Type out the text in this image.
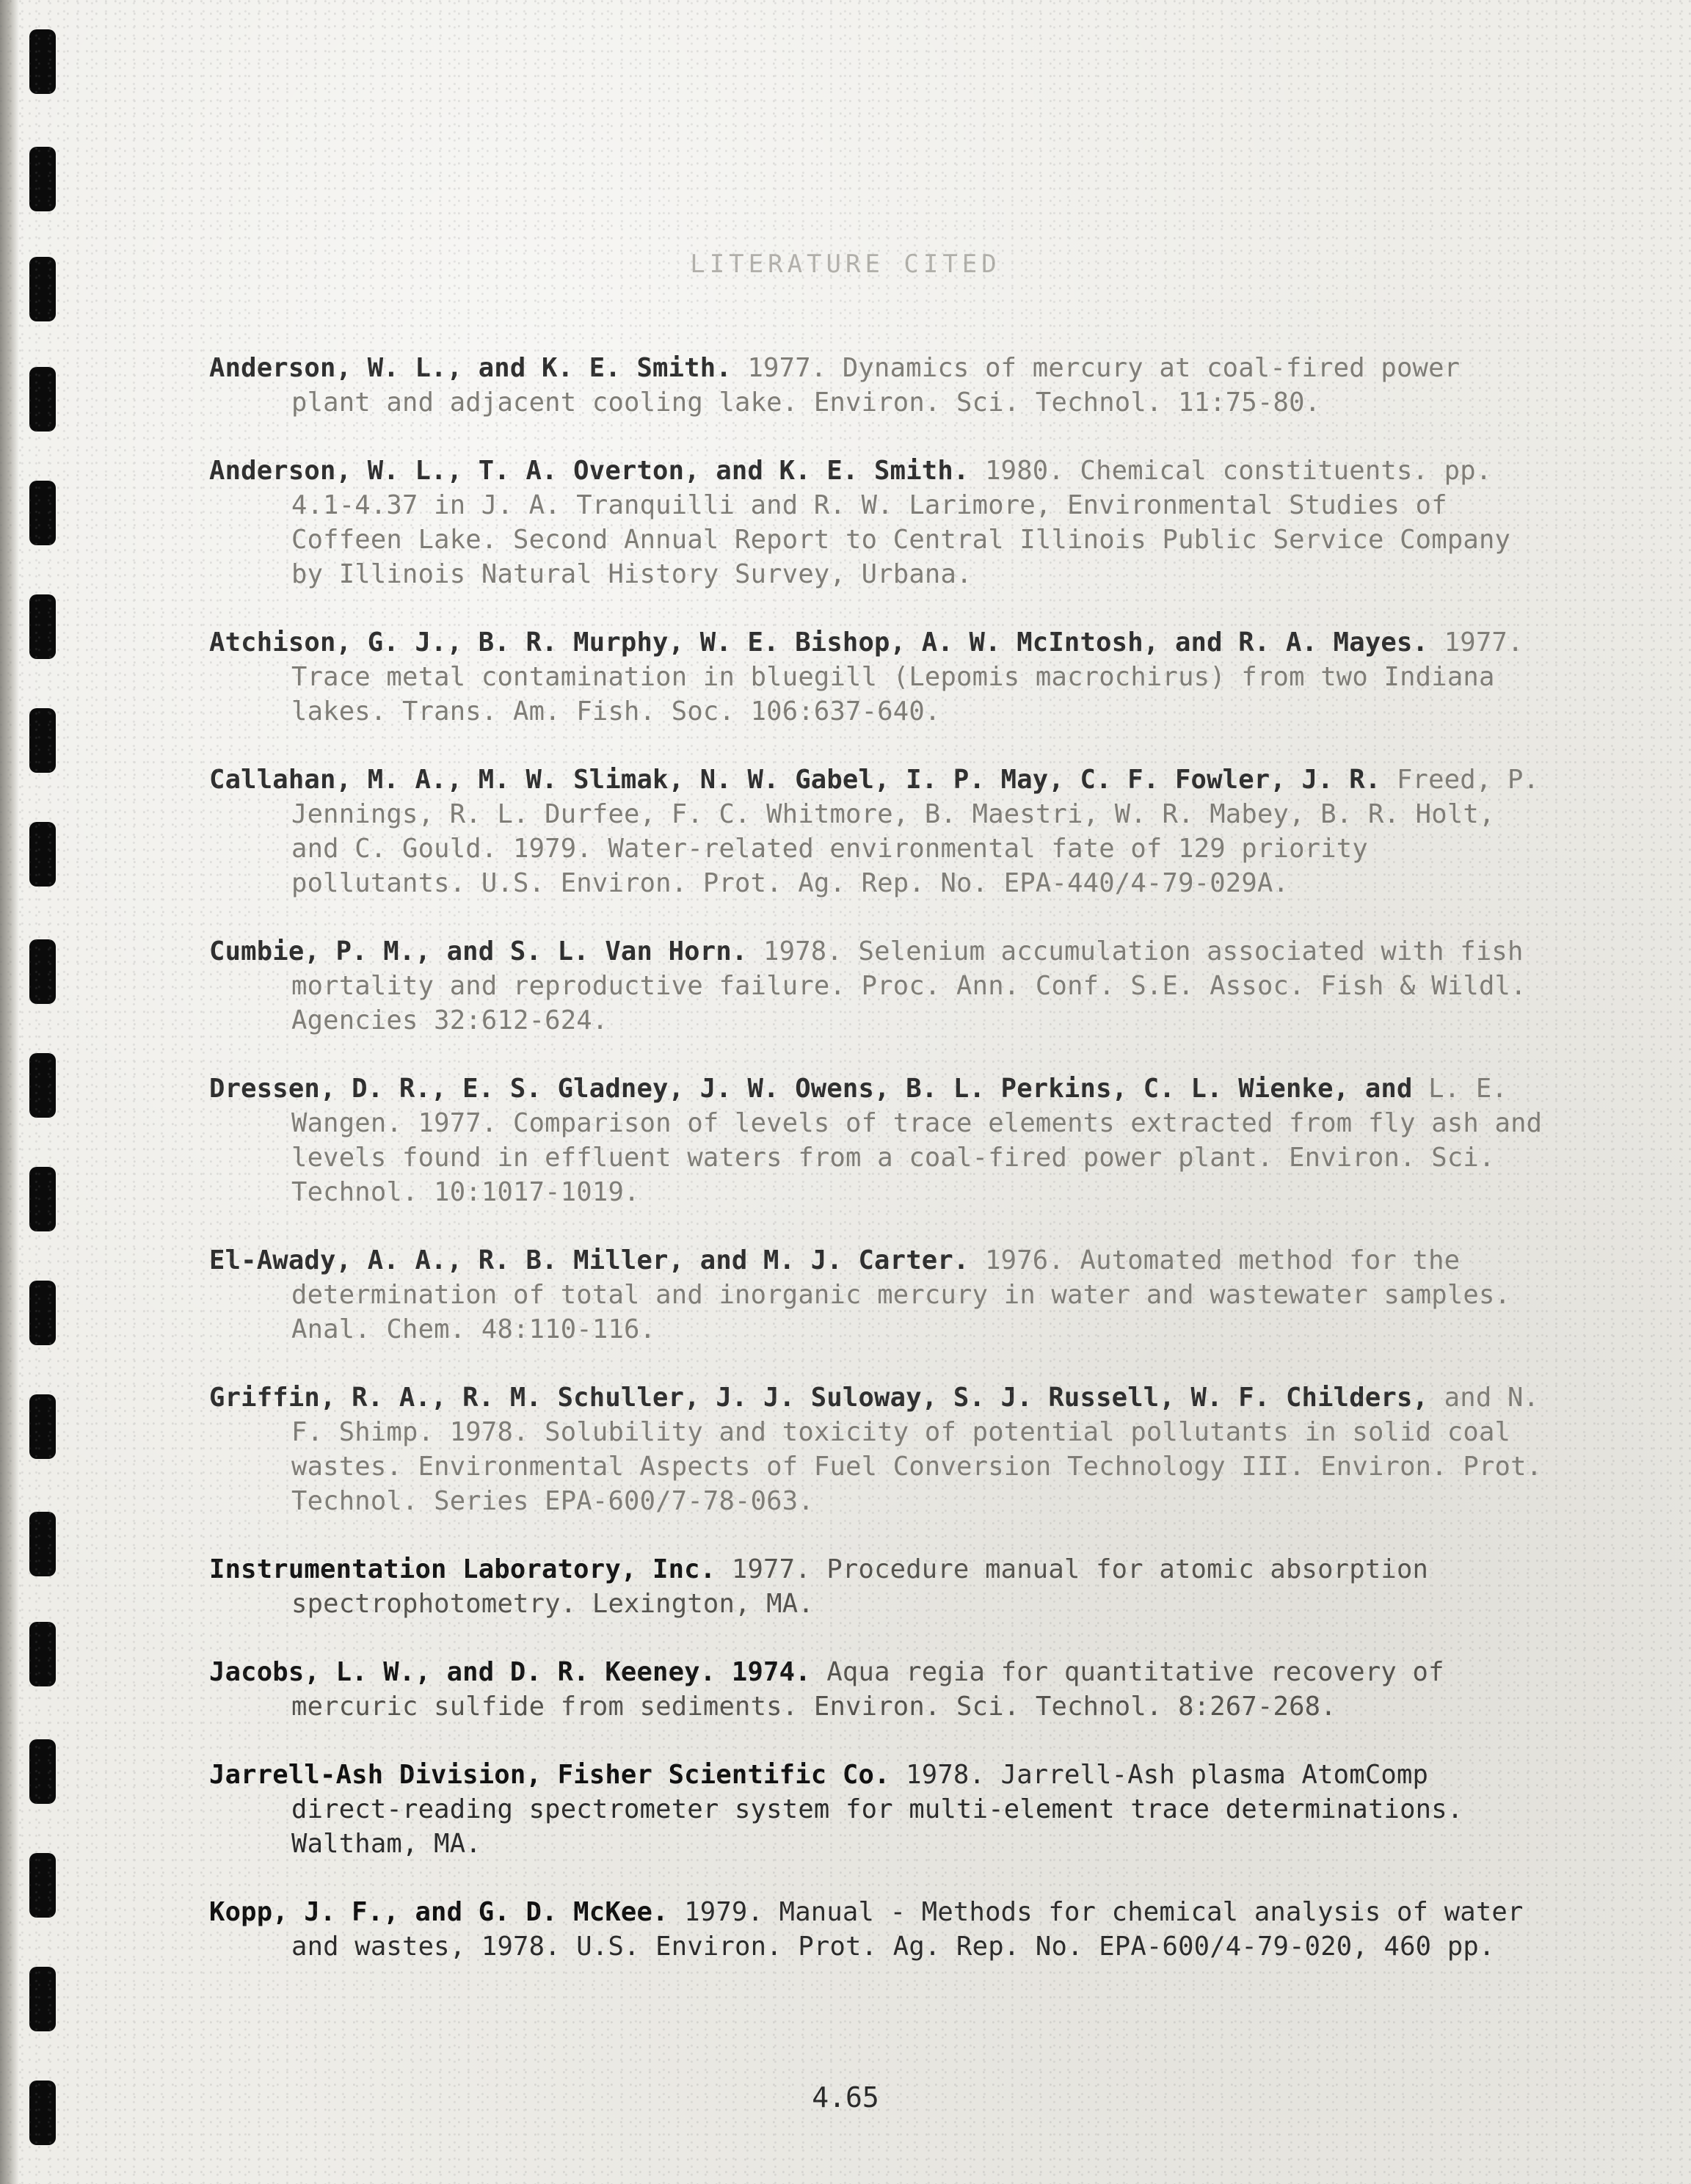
LITERATURE CITED
Anderson, W. L., and K. E. Smith. 1977. Dynamics of mercury at coal-fired power plant and adjacent cooling lake. Environ. Sci. Technol. 11:75-80.
Anderson, W. L., T. A. Overton, and K. E. Smith. 1980. Chemical constituents. pp. 4.1-4.37 in J. A. Tranquilli and R. W. Larimore, Environmental Studies of Coffeen Lake. Second Annual Report to Central Illinois Public Service Company by Illinois Natural History Survey, Urbana.
Atchison, G. J., B. R. Murphy, W. E. Bishop, A. W. McIntosh, and R. A. Mayes. 1977. Trace metal contamination in bluegill (Lepomis macrochirus) from two Indiana lakes. Trans. Am. Fish. Soc. 106:637-640.
Callahan, M. A., M. W. Slimak, N. W. Gabel, I. P. May, C. F. Fowler, J. R. Freed, P. Jennings, R. L. Durfee, F. C. Whitmore, B. Maestri, W. R. Mabey, B. R. Holt, and C. Gould. 1979. Water-related environmental fate of 129 priority pollutants. U.S. Environ. Prot. Ag. Rep. No. EPA-440/4-79-029A.
Cumbie, P. M., and S. L. Van Horn. 1978. Selenium accumulation associated with fish mortality and reproductive failure. Proc. Ann. Conf. S.E. Assoc. Fish & Wildl. Agencies 32:612-624.
Dressen, D. R., E. S. Gladney, J. W. Owens, B. L. Perkins, C. L. Wienke, and L. E. Wangen. 1977. Comparison of levels of trace elements extracted from fly ash and levels found in effluent waters from a coal-fired power plant. Environ. Sci. Technol. 10:1017-1019.
El-Awady, A. A., R. B. Miller, and M. J. Carter. 1976. Automated method for the determination of total and inorganic mercury in water and wastewater samples. Anal. Chem. 48:110-116.
Griffin, R. A., R. M. Schuller, J. J. Suloway, S. J. Russell, W. F. Childers, and N. F. Shimp. 1978. Solubility and toxicity of potential pollutants in solid coal wastes. Environmental Aspects of Fuel Conversion Technology III. Environ. Prot. Technol. Series EPA-600/7-78-063.
Instrumentation Laboratory, Inc. 1977. Procedure manual for atomic absorption spectrophotometry. Lexington, MA.
Jacobs, L. W., and D. R. Keeney. 1974. Aqua regia for quantitative recovery of mercuric sulfide from sediments. Environ. Sci. Technol. 8:267-268.
Jarrell-Ash Division, Fisher Scientific Co. 1978. Jarrell-Ash plasma AtomComp direct-reading spectrometer system for multi-element trace determinations. Waltham, MA.
Kopp, J. F., and G. D. McKee. 1979. Manual - Methods for chemical analysis of water and wastes, 1978. U.S. Environ. Prot. Ag. Rep. No. EPA-600/4-79-020, 460 pp.
4.65
